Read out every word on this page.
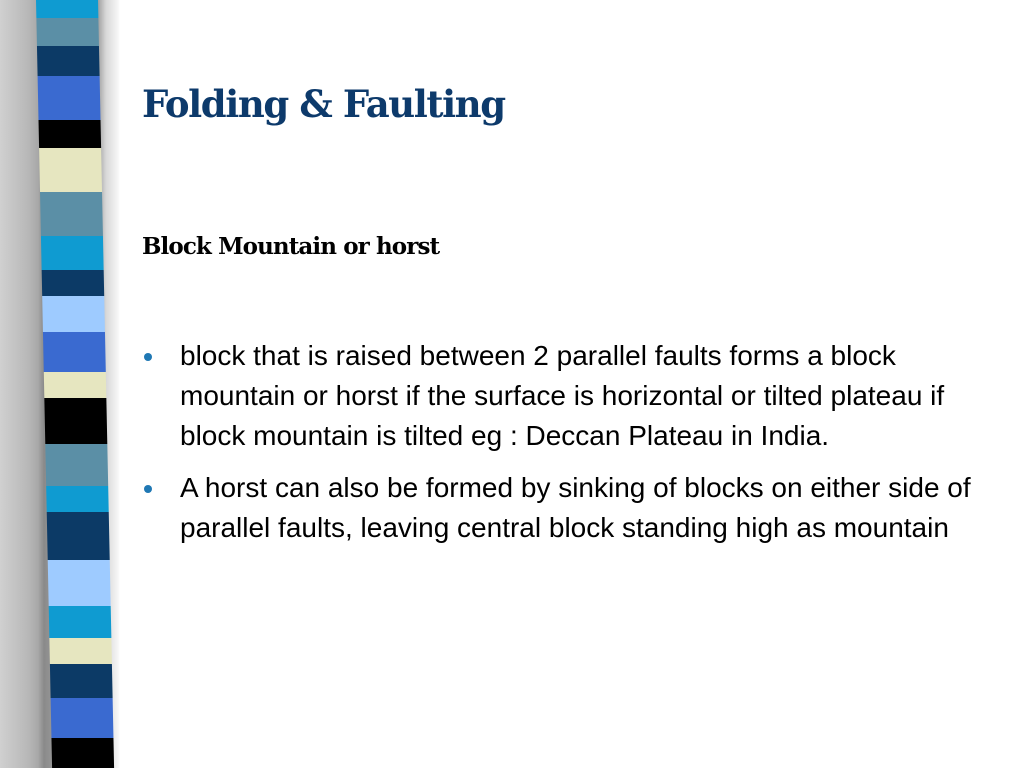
Folding & Faulting
Block Mountain or horst
block that is raised between 2 parallel faults forms a block mountain or horst if the surface is horizontal or tilted plateau if block mountain is tilted eg : Deccan Plateau in India.
A horst can also be formed by sinking of blocks on either side of parallel faults, leaving central block standing high as mountain
